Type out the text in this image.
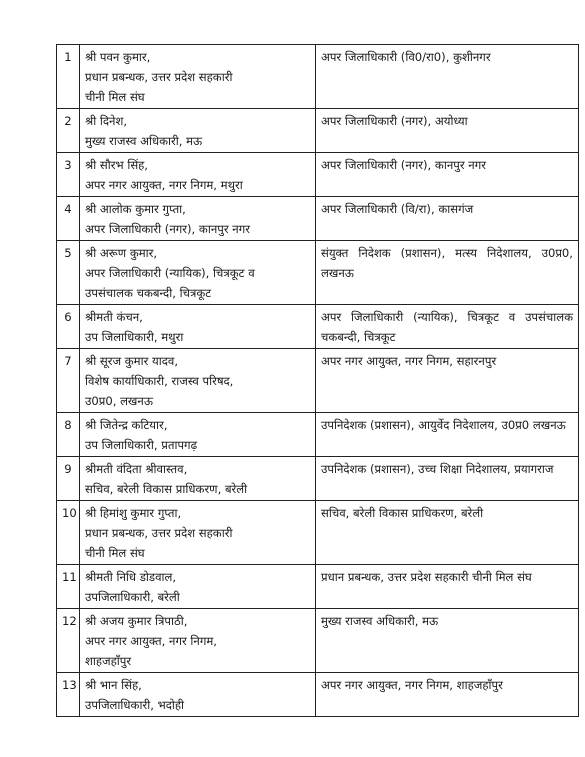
1	श्री पवन कुमार,
प्रधान प्रबन्धक, उत्तर प्रदेश सहकारी
चीनी मिल संघ	अपर जिलाधिकारी (वि0/रा0), कुशीनगर

2	श्री दिनेश,
मुख्य राजस्व अधिकारी, मऊ	अपर जिलाधिकारी (नगर), अयोध्या

3	श्री सौरभ सिंह,
अपर नगर आयुक्त, नगर निगम, मथुरा	अपर जिलाधिकारी (नगर), कानपुर नगर

4	श्री आलोक कुमार गुप्ता,
अपर जिलाधिकारी (नगर), कानपुर नगर	अपर जिलाधिकारी (वि/रा), कासगंज

5	श्री अरूण कुमार,
अपर जिलाधिकारी (न्यायिक), चित्रकूट व
उपसंचालक चकबन्दी, चित्रकूट	संयुक्त निदेशक (प्रशासन), मत्स्य निदेशालय, उ0प्र0, लखनऊ

6	श्रीमती कंचन,
उप जिलाधिकारी, मथुरा	अपर जिलाधिकारी (न्यायिक), चित्रकूट व उपसंचालक चकबन्दी, चित्रकूट

7	श्री सूरज कुमार यादव,
विशेष कार्याधिकारी, राजस्व परिषद,
उ0प्र0, लखनऊ	अपर नगर आयुक्त, नगर निगम, सहारनपुर

8	श्री जितेन्द्र कटियार,
उप जिलाधिकारी, प्रतापगढ़	उपनिदेशक (प्रशासन), आयुर्वेद निदेशालय, उ0प्र0 लखनऊ

9	श्रीमती वंदिता श्रीवास्तव,
सचिव, बरेली विकास प्राधिकरण, बरेली	उपनिदेशक (प्रशासन), उच्च शिक्षा निदेशालय, प्रयागराज

10	श्री हिमांशु कुमार गुप्ता,
प्रधान प्रबन्धक, उत्तर प्रदेश सहकारी
चीनी मिल संघ	सचिव, बरेली विकास प्राधिकरण, बरेली

11	श्रीमती निधि डोडवाल,
उपजिलाधिकारी, बरेली	प्रधान प्रबन्धक, उत्तर प्रदेश सहकारी चीनी मिल संघ

12	श्री अजय कुमार त्रिपाठी,
अपर नगर आयुक्त, नगर निगम,
शाहजहाँपुर	मुख्य राजस्व अधिकारी, मऊ

13	श्री भान सिंह,
उपजिलाधिकारी, भदोही	अपर नगर आयुक्त, नगर निगम, शाहजहाँपुर
